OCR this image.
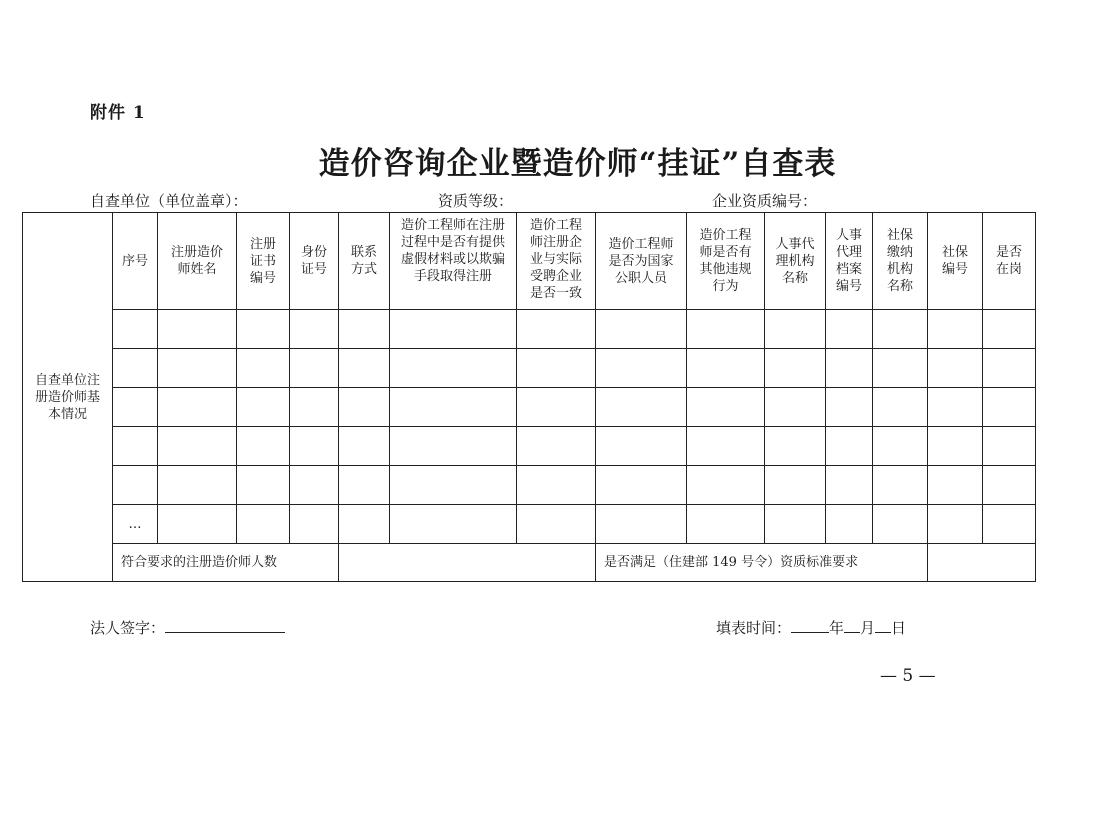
附件 1
造价咨询企业暨造价师“挂证”自查表
自查单位（单位盖章）：	资质等级：	企业资质编号：
自查单位注册造价师基本情况	序号	注册造价师姓名	注册证书编号	身份证号	联系方式	造价工程师在注册过程中是否有提供虚假材料或以欺骗手段取得注册	造价工程师注册企业与实际受聘企业是否一致	造价工程师是否为国家公职人员	造价工程师是否有其他违规行为	人事代理机构名称	人事代理档案编号	社保缴纳机构名称	社保编号	是否在岗

	…													
	符合要求的注册造价师人数							是否满足（住建部 149 号令）资质标准要求						
法人签字：	填表时间：	年 月 日
— 5 —
